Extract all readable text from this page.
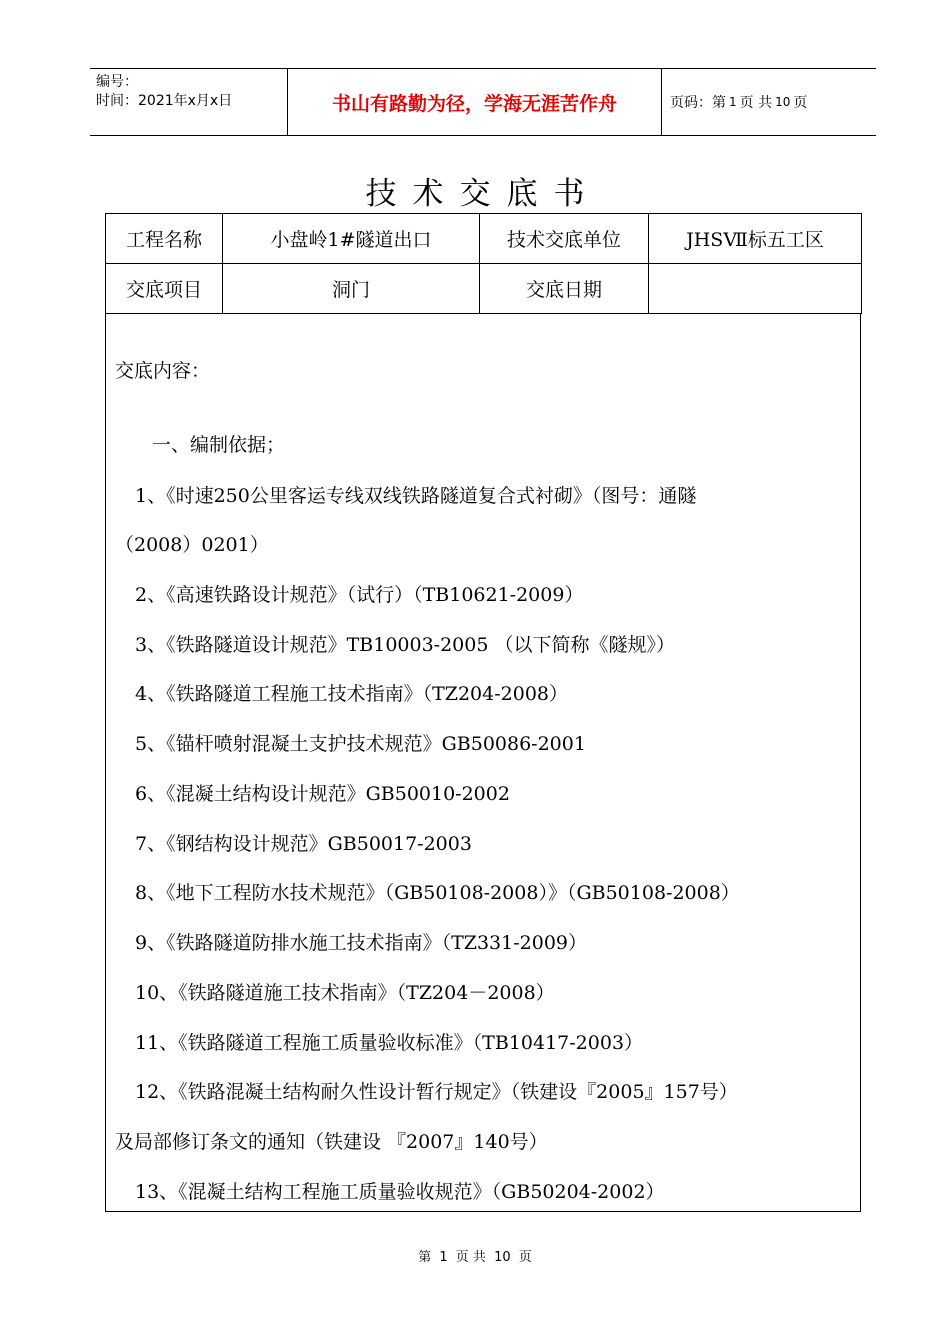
编号：
时间：2021年x月x日	书山有路勤为径，学海无涯苦作舟	页码：第 1 页 共 10 页
技术交底书
工程名称	小盘岭1#隧道出口	技术交底单位	JHSⅦ标五工区
交底项目	洞门	交底日期	
交底内容：
一、编制依据；
1、《时速250公里客运专线双线铁路隧道复合式衬砌》（图号：通隧
（2008）0201）
2、《高速铁路设计规范》（试行）（TB10621-2009）
3、《铁路隧道设计规范》TB10003-2005 （以下简称《隧规》）
4、《铁路隧道工程施工技术指南》（TZ204-2008）
5、《锚杆喷射混凝土支护技术规范》GB50086-2001
6、《混凝土结构设计规范》GB50010-2002
7、《钢结构设计规范》GB50017-2003
8、《地下工程防水技术规范》（GB50108-2008）》（GB50108-2008）
9、《铁路隧道防排水施工技术指南》（TZ331-2009）
10、《铁路隧道施工技术指南》（TZ204－2008）
11、《铁路隧道工程施工质量验收标准》（TB10417-2003）
12、《铁路混凝土结构耐久性设计暂行规定》（铁建设『2005』157号）
及局部修订条文的通知（铁建设 『2007』140号）
13、《混凝土结构工程施工质量验收规范》（GB50204-2002）
第 1 页 共 10 页
